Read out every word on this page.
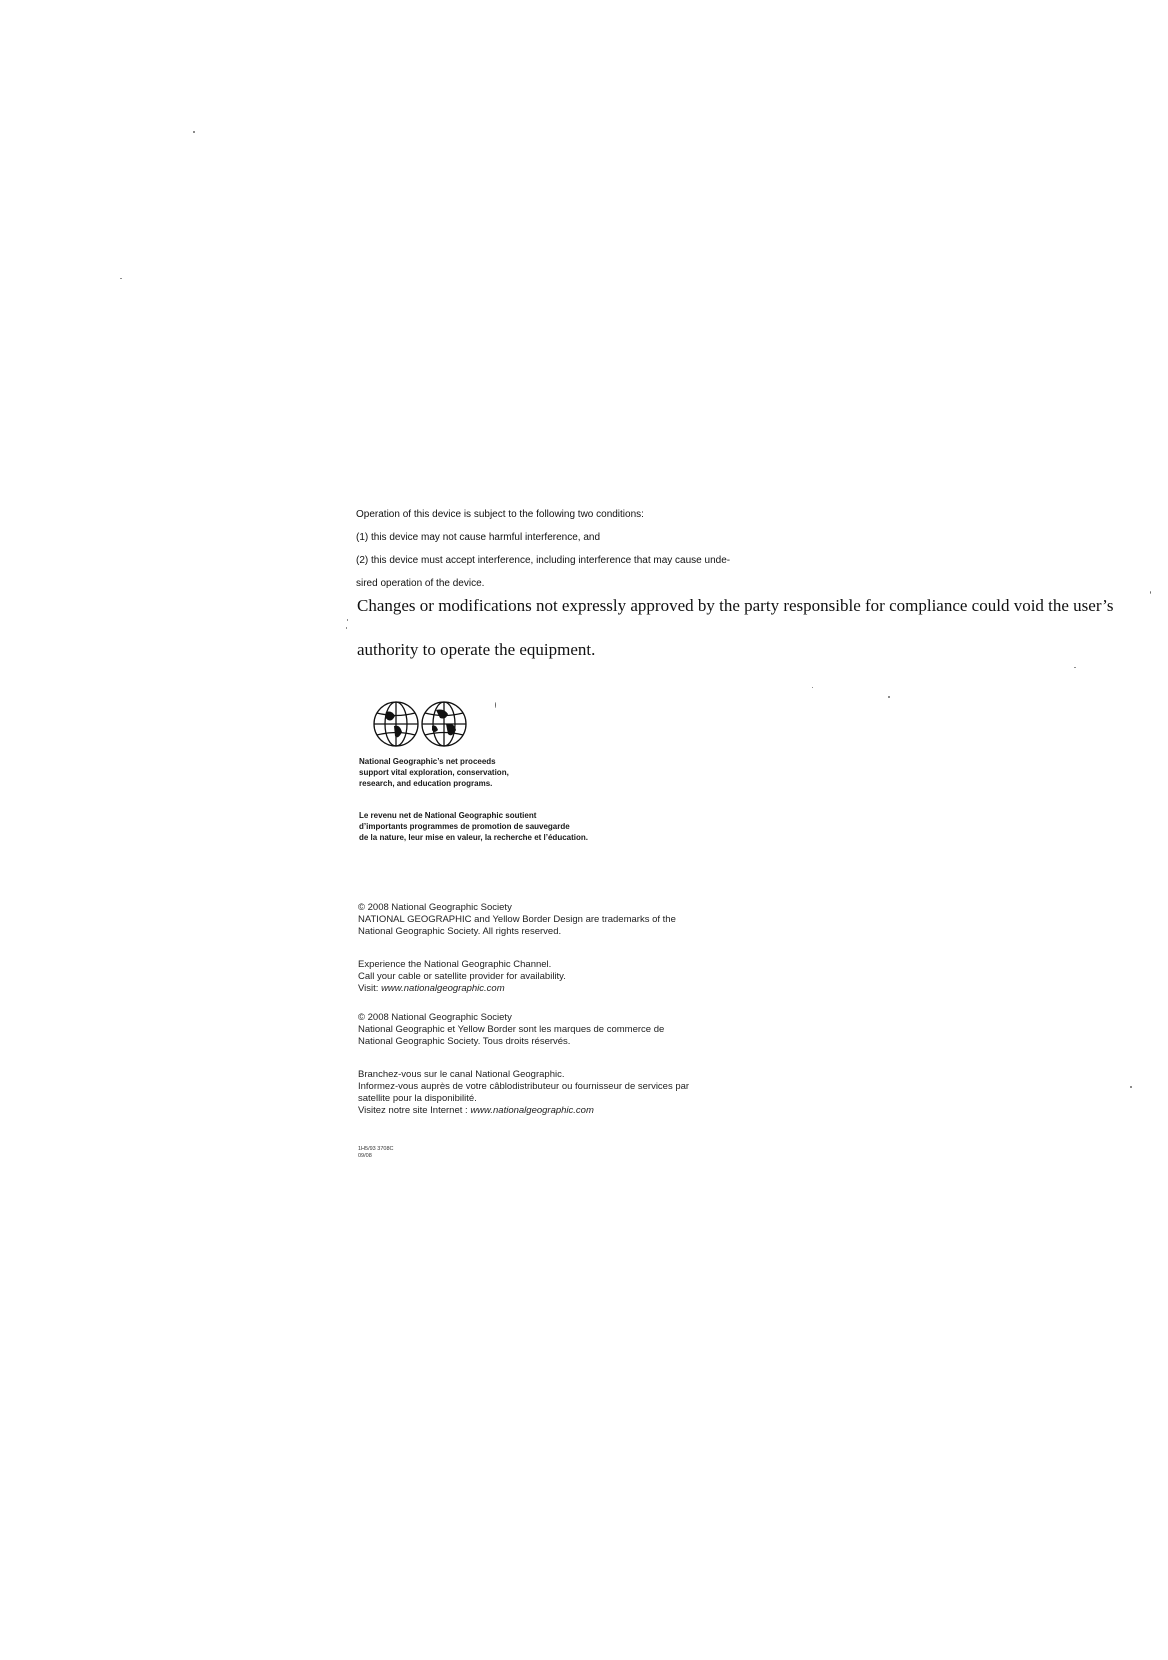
Operation of this device is subject to the following two conditions:
(1) this device may not cause harmful interference, and
(2) this device must accept interference, including interference that may cause unde-
sired operation of the device.
Changes or modifications not expressly approved by the party responsible for compliance could void the user’s
authority to operate the equipment.
National Geographic’s net proceeds
support vital exploration, conservation,
research, and education programs.
Le revenu net de National Geographic soutient
d’importants programmes de promotion de sauvegarde
de la nature, leur mise en valeur, la recherche et l’éducation.
© 2008 National Geographic Society
NATIONAL GEOGRAPHIC and Yellow Border Design are trademarks of the
National Geographic Society. All rights reserved.
Experience the National Geographic Channel.
Call your cable or satellite provider for availability.
Visit: www.nationalgeographic.com
© 2008 National Geographic Society
National Geographic et Yellow Border sont les marques de commerce de
National Geographic Society. Tous droits réservés.
Branchez-vous sur le canal National Geographic.
Informez-vous auprès de votre câblodistributeur ou fournisseur de services par
satellite pour la disponibilité.
Visitez notre site Internet : www.nationalgeographic.com
1H5/93 3708C
09/08
